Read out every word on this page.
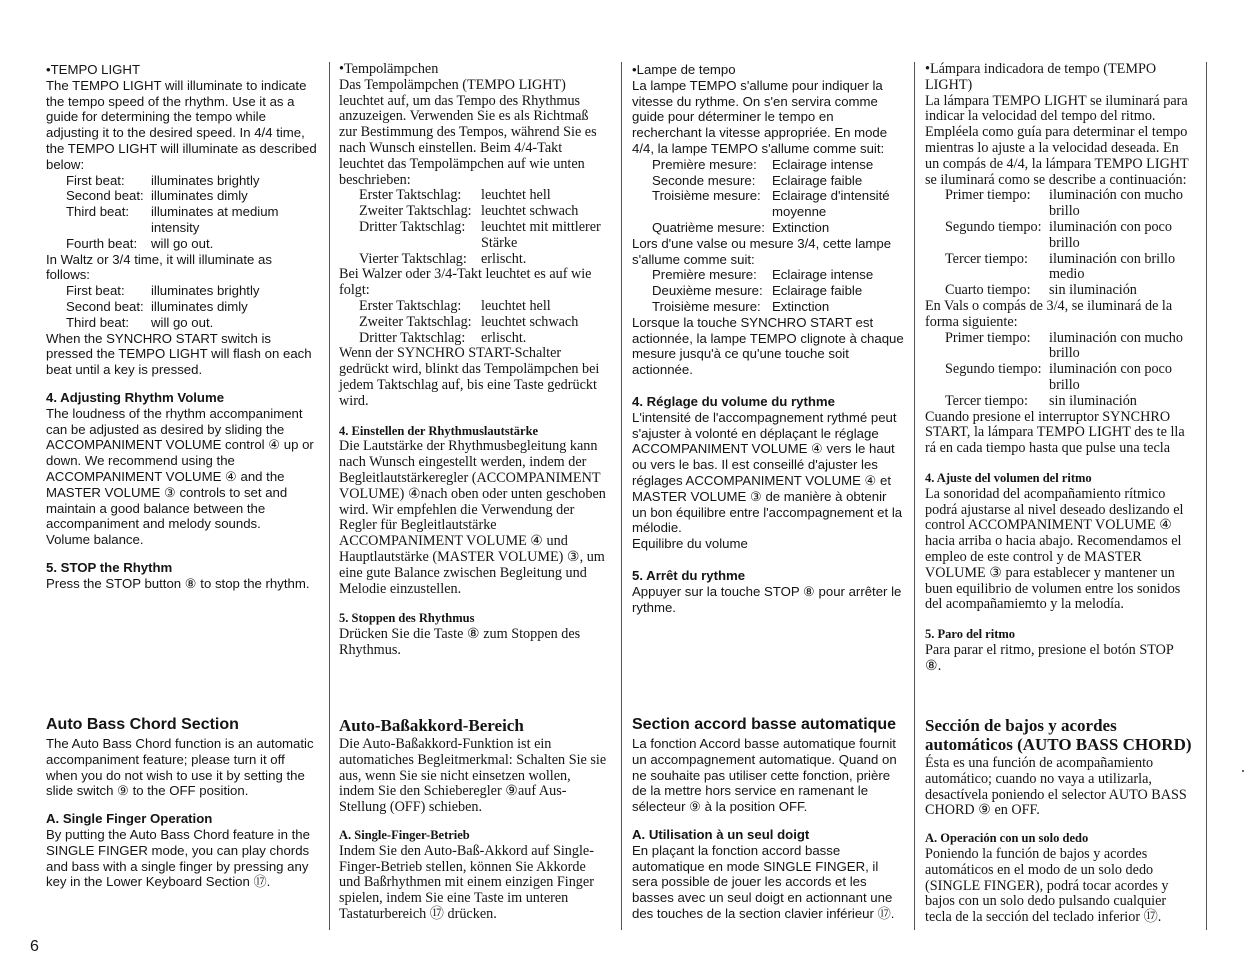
•TEMPO LIGHT

The TEMPO LIGHT will illuminate to indicate the tempo speed of the rhythm. Use it as a guide for determining the tempo while adjusting it to the desired speed. In 4/4 time, the TEMPO LIGHT will illuminate as described below:

First beat:	illuminates brightly
Second beat: illuminates dimly
Third beat:	illuminates at medium intensity
Fourth beat:	will go out.

In Waltz or 3/4 time, it will illuminate as follows:

First beat:	illuminates brightly
Second beat: illuminates dimly
Third beat:	will go out.

When the SYNCHRO START switch is pressed the TEMPO LIGHT will flash on each beat until a key is pressed.

4. Adjusting Rhythm Volume

The loudness of the rhythm accompaniment can be adjusted as desired by sliding the ACCOMPANIMENT VOLUME control ④ up or down. We recommend using the ACCOMPANIMENT VOLUME ④ and the MASTER VOLUME ③ controls to set and maintain a good balance between the accompaniment and melody sounds.

Volume balance.

5. STOP the Rhythm

Press the STOP button ⑧ to stop the rhythm.

Auto Bass Chord Section

The Auto Bass Chord function is an automatic accompaniment feature; please turn it off when you do not wish to use it by setting the slide switch ⑨ to the OFF position.

A. Single Finger Operation

By putting the Auto Bass Chord feature in the SINGLE FINGER mode, you can play chords and bass with a single finger by pressing any key in the Lower Keyboard Section ⑰.

•Tempolämpchen

Das Tempolämpchen (TEMPO LIGHT) leuchtet auf, um das Tempo des Rhythmus anzuzeigen. Verwenden Sie es als Richtmaß zur Bestimmung des Tempos, während Sie es nach Wunsch einstellen. Beim 4/4-Takt leuchtet das Tempolämpchen auf wie unten beschrieben:

Erster Taktschlag:	leuchtet hell
Zweiter Taktschlag: leuchtet schwach
Dritter Taktschlag:	leuchtet mit mittlerer Stärke
Vierter Taktschlag: erlischt.

Bei Walzer oder 3/4-Takt leuchtet es auf wie folgt:

Erster Taktschlag:	leuchtet hell
Zweiter Taktschlag: leuchtet schwach
Dritter Taktschlag:	erlischt.

Wenn der SYNCHRO START-Schalter gedrückt wird, blinkt das Tempolämpchen bei jedem Taktschlag auf, bis eine Taste gedrückt wird.

4. Einstellen der Rhythmuslautstärke

Die Lautstärke der Rhythmusbegleitung kann nach Wunsch eingestellt werden, indem der Begleitlautstärkeregler (ACCOMPANIMENT VOLUME) ④nach oben oder unten geschoben wird. Wir empfehlen die Verwendung der Regler für Begleitlautstärke ACCOMPANIMENT VOLUME ④ und Hauptlautstärke (MASTER VOLUME) ③, um eine gute Balance zwischen Begleitung und Melodie einzustellen.

5. Stoppen des Rhythmus

Drücken Sie die Taste ⑧ zum Stoppen des Rhythmus.

Auto-Baßakkord-Bereich

Die Auto-Baßakkord-Funktion ist ein automatiches Begleitmerkmal: Schalten Sie sie aus, wenn Sie sie nicht einsetzen wollen, indem Sie den Schieberegler ⑨auf Aus-Stellung (OFF) schieben.

A. Single-Finger-Betrieb

Indem Sie den Auto-Baß-Akkord auf Single-Finger-Betrieb stellen, können Sie Akkorde und Baßrhythmen mit einem einzigen Finger spielen, indem Sie eine Taste im unteren Tastaturbereich ⑰ drücken.

•Lampe de tempo

La lampe TEMPO s'allume pour indiquer la vitesse du rythme. On s'en servira comme guide pour déterminer le tempo en recherchant la vitesse appropriée. En mode 4/4, la lampe TEMPO s'allume comme suit:

Première mesure:	Eclairage intense
Seconde mesure:	Eclairage faible
Troisième mesure: Eclairage d'intensité moyenne
Quatrième mesure: Extinction

Lors d'une valse ou mesure 3/4, cette lampe s'allume comme suit:

Première mesure:	Eclairage intense
Deuxième mesure: Eclairage faible
Troisième mesure: Extinction

Lorsque la touche SYNCHRO START est actionnée, la lampe TEMPO clignote à chaque mesure jusqu'à ce qu'une touche soit actionnée.

4. Réglage du volume du rythme

L'intensité de l'accompagnement rythmé peut s'ajuster à volonté en déplaçant le réglage ACCOMPANIMENT VOLUME ④ vers le haut ou vers le bas. Il est conseillé d'ajuster les réglages ACCOMPANIMENT VOLUME ④ et MASTER VOLUME ③ de manière à obtenir un bon équilibre entre l'accompagnement et la mélodie.

Equilibre du volume

5. Arrêt du rythme

Appuyer sur la touche STOP ⑧ pour arrêter le rythme.

Section accord basse automatique

La fonction Accord basse automatique fournit un accompagnement automatique. Quand on ne souhaite pas utiliser cette fonction, prière de la mettre hors service en ramenant le sélecteur ⑨ à la position OFF.

A. Utilisation à un seul doigt

En plaçant la fonction accord basse automatique en mode SINGLE FINGER, il sera possible de jouer les accords et les basses avec un seul doigt en actionnant une des touches de la section clavier inférieur ⑰.

•Lámpara indicadora de tempo (TEMPO LIGHT)

La lámpara TEMPO LIGHT se iluminará para indicar la velocidad del tempo del ritmo. Empléela como guía para determinar el tempo mientras lo ajuste a la velocidad deseada. En un compás de 4/4, la lámpara TEMPO LIGHT se iluminará como se describe a continuación:

Primer tiempo:	iluminación con mucho brillo
Segundo tiempo: iluminación con poco brillo
Tercer tiempo:	iluminación con brillo medio
Cuarto tiempo:	sin iluminación

En Vals o compás de 3/4, se iluminará de la forma siguiente:

Primer tiempo:	iluminación con mucho brillo
Segundo tiempo: iluminación con poco brillo
Tercer tiempo:	sin iluminación

Cuando presione el interruptor SYNCHRO START, la lámpara TEMPO LIGHT des te lla rá en cada tiempo hasta que pulse una tecla

4. Ajuste del volumen del ritmo

La sonoridad del acompañamiento rítmico podrá ajustarse al nivel deseado deslizando el control ACCOMPANIMENT VOLUME ④ hacia arriba o hacia abajo. Recomendamos el empleo de este control y de MASTER VOLUME ③ para establecer y mantener un buen equilibrio de volumen entre los sonidos del acompañamiemto y la melodía.

5. Paro del ritmo

Para parar el ritmo, presione el botón STOP ⑧.

Sección de bajos y acordes automáticos (AUTO BASS CHORD)

Ésta es una función de acompañamiento automático; cuando no vaya a utilizarla, desactívela poniendo el selector AUTO BASS CHORD ⑨ en OFF.

A. Operación con un solo dedo

Poniendo la función de bajos y acordes automáticos en el modo de un solo dedo (SINGLE FINGER), podrá tocar acordes y bajos con un solo dedo pulsando cualquier tecla de la sección del teclado inferior ⑰.

6
